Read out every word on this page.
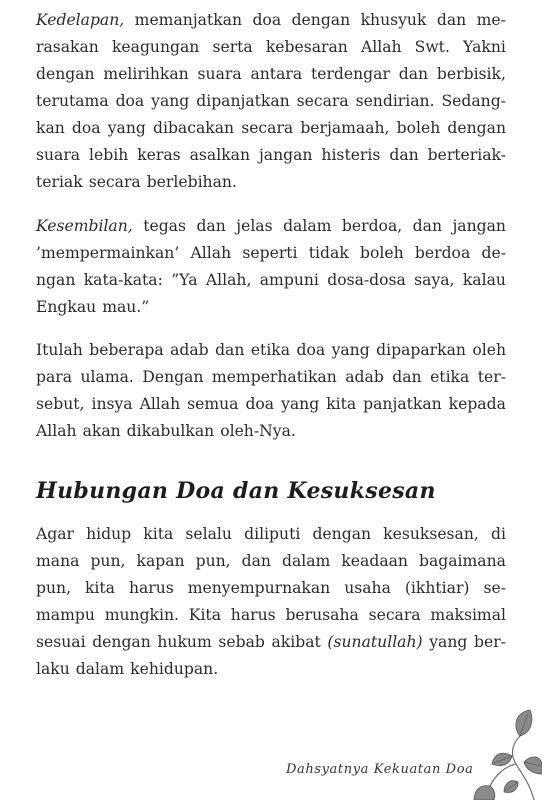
Kedelapan, memanjatkan doa dengan khusyuk dan me-
rasakan keagungan serta kebesaran Allah Swt. Yakni
dengan melirihkan suara antara terdengar dan berbisik,
terutama doa yang dipanjatkan secara sendirian. Sedang-
kan doa yang dibacakan secara berjamaah, boleh dengan
suara lebih keras asalkan jangan histeris dan berteriak-
teriak secara berlebihan.
Kesembilan, tegas dan jelas dalam berdoa, dan jangan
’mempermainkan’ Allah seperti tidak boleh berdoa de-
ngan kata-kata: ”Ya Allah, ampuni dosa-dosa saya, kalau
Engkau mau.”
Itulah beberapa adab dan etika doa yang dipaparkan oleh
para ulama. Dengan memperhatikan adab dan etika ter-
sebut, insya Allah semua doa yang kita panjatkan kepada
Allah akan dikabulkan oleh-Nya.
Hubungan Doa dan Kesuksesan
Agar hidup kita selalu diliputi dengan kesuksesan, di
mana pun, kapan pun, dan dalam keadaan bagaimana
pun, kita harus menyempurnakan usaha (ikhtiar) se-
mampu mungkin. Kita harus berusaha secara maksimal
sesuai dengan hukum sebab akibat (sunatullah) yang ber-
laku dalam kehidupan.
Dahsyatnya Kekuatan Doa
